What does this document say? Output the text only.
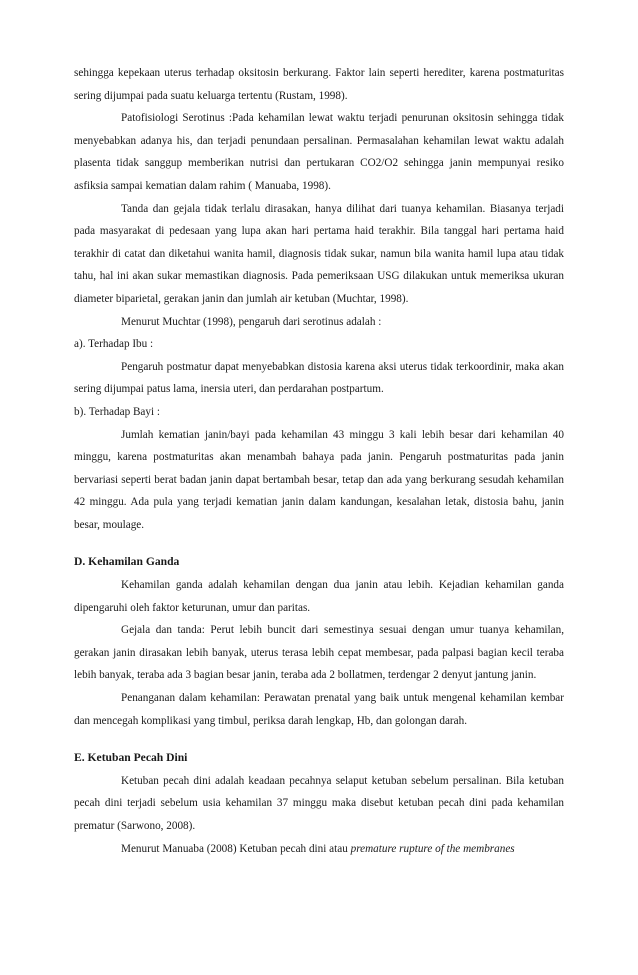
sehingga kepekaan uterus terhadap oksitosin berkurang. Faktor lain seperti herediter, karena postmaturitas sering dijumpai pada suatu keluarga tertentu (Rustam, 1998).

Patofisiologi Serotinus :Pada kehamilan lewat waktu terjadi penurunan oksitosin sehingga tidak menyebabkan adanya his, dan terjadi penundaan persalinan. Permasalahan kehamilan lewat waktu adalah plasenta tidak sanggup memberikan nutrisi dan pertukaran CO2/O2 sehingga janin mempunyai resiko asfiksia sampai kematian dalam rahim ( Manuaba, 1998).

Tanda dan gejala tidak terlalu dirasakan, hanya dilihat dari tuanya kehamilan. Biasanya terjadi pada masyarakat di pedesaan yang lupa akan hari pertama haid terakhir. Bila tanggal hari pertama haid terakhir di catat dan diketahui wanita hamil, diagnosis tidak sukar, namun bila wanita hamil lupa atau tidak tahu, hal ini akan sukar memastikan diagnosis. Pada pemeriksaan USG dilakukan untuk memeriksa ukuran diameter biparietal, gerakan janin dan jumlah air ketuban (Muchtar, 1998).

Menurut Muchtar (1998), pengaruh dari serotinus adalah :

a). Terhadap Ibu :

Pengaruh postmatur dapat menyebabkan distosia karena aksi uterus tidak terkoordinir, maka akan sering dijumpai patus lama, inersia uteri, dan perdarahan postpartum.

b). Terhadap Bayi :

Jumlah kematian janin/bayi pada kehamilan 43 minggu 3 kali lebih besar dari kehamilan 40 minggu, karena postmaturitas akan menambah bahaya pada janin. Pengaruh postmaturitas pada janin bervariasi seperti berat badan janin dapat bertambah besar, tetap dan ada yang berkurang sesudah kehamilan 42 minggu. Ada pula yang terjadi kematian janin dalam kandungan, kesalahan letak, distosia bahu, janin besar, moulage.

D. Kehamilan Ganda

Kehamilan ganda adalah kehamilan dengan dua janin atau lebih. Kejadian kehamilan ganda dipengaruhi oleh faktor keturunan, umur dan paritas.

Gejala dan tanda: Perut lebih buncit dari semestinya sesuai dengan umur tuanya kehamilan, gerakan janin dirasakan lebih banyak, uterus terasa lebih cepat membesar, pada palpasi bagian kecil teraba lebih banyak, teraba ada 3 bagian besar janin, teraba ada 2 bollatmen, terdengar 2 denyut jantung janin.

Penanganan dalam kehamilan: Perawatan prenatal yang baik untuk mengenal kehamilan kembar dan mencegah komplikasi yang timbul, periksa darah lengkap, Hb, dan golongan darah.

E. Ketuban Pecah Dini

Ketuban pecah dini adalah keadaan pecahnya selaput ketuban sebelum persalinan. Bila ketuban pecah dini terjadi sebelum usia kehamilan 37 minggu maka disebut ketuban pecah dini pada kehamilan prematur (Sarwono, 2008).

Menurut Manuaba (2008) Ketuban pecah dini atau premature rupture of the membranes
